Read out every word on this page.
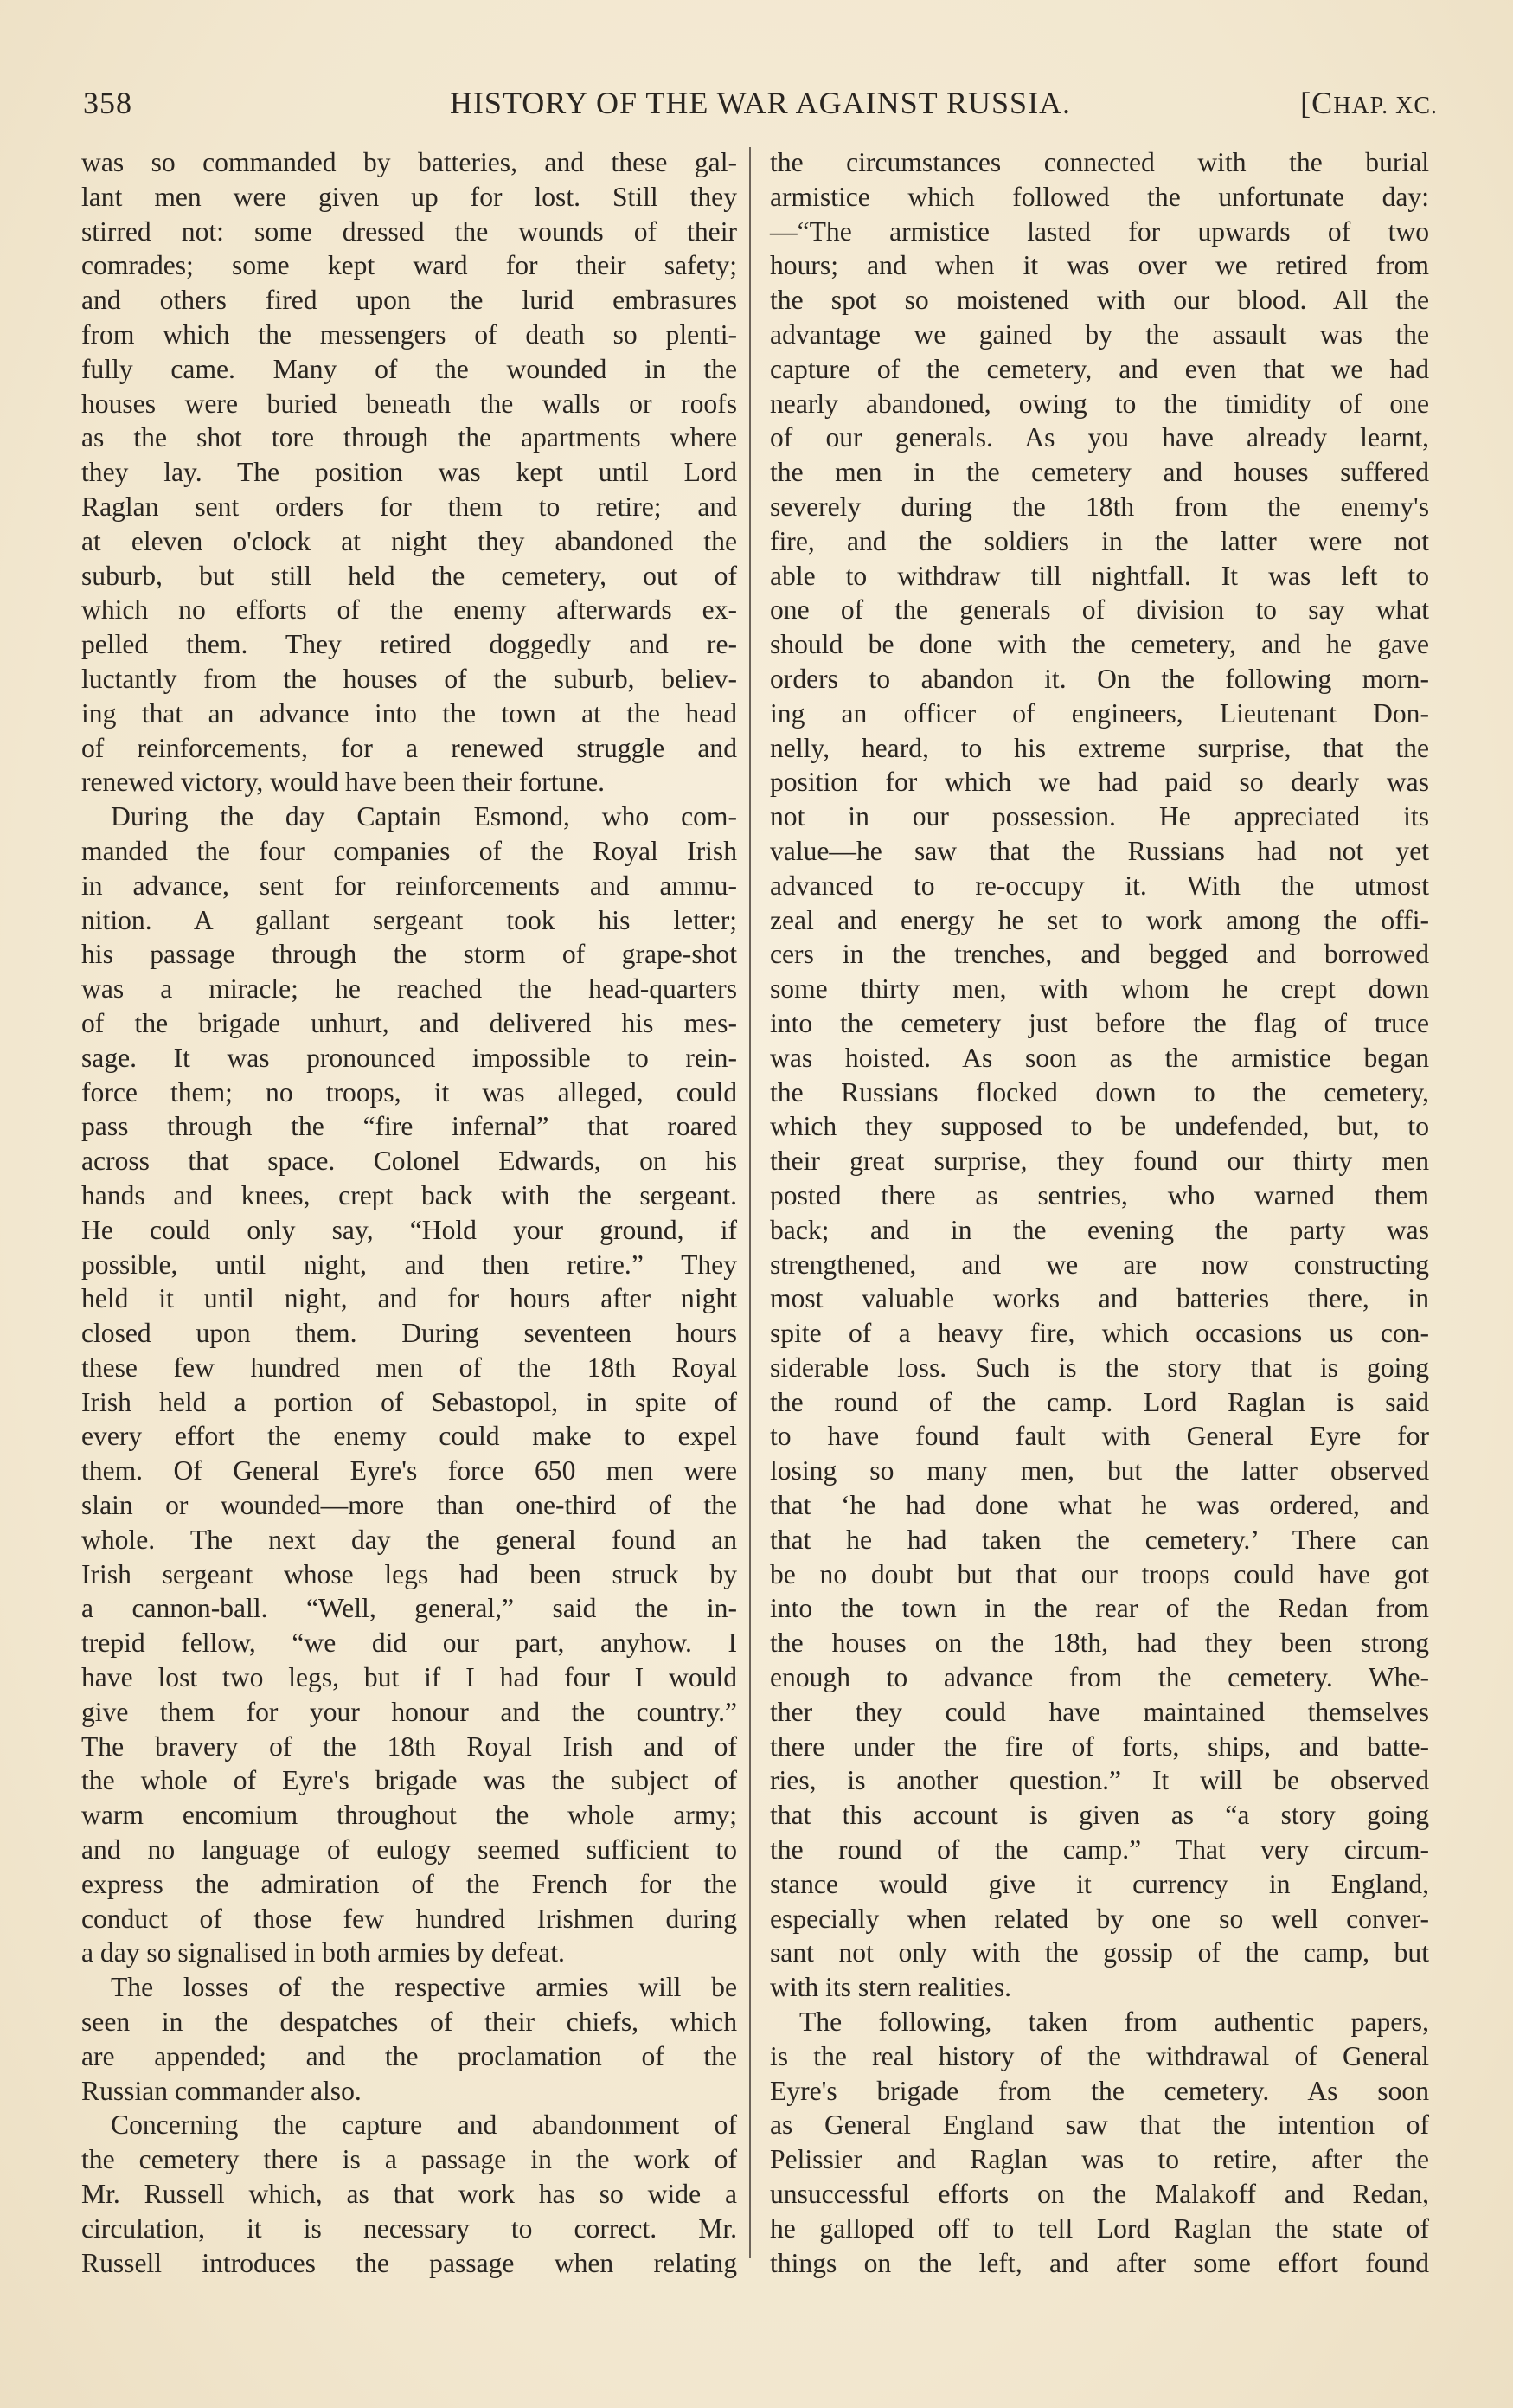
358	HISTORY OF THE WAR AGAINST RUSSIA.	[CHAP. XC.
was so commanded by batteries, and these gal-
lant men were given up for lost. Still they
stirred not: some dressed the wounds of their
comrades; some kept ward for their safety;
and others fired upon the lurid embrasures
from which the messengers of death so plenti-
fully came. Many of the wounded in the
houses were buried beneath the walls or roofs
as the shot tore through the apartments where
they lay. The position was kept until Lord
Raglan sent orders for them to retire; and
at eleven o'clock at night they abandoned the
suburb, but still held the cemetery, out of
which no efforts of the enemy afterwards ex-
pelled them. They retired doggedly and re-
luctantly from the houses of the suburb, believ-
ing that an advance into the town at the head
of reinforcements, for a renewed struggle and
renewed victory, would have been their fortune.
During the day Captain Esmond, who com-
manded the four companies of the Royal Irish
in advance, sent for reinforcements and ammu-
nition. A gallant sergeant took his letter;
his passage through the storm of grape-shot
was a miracle; he reached the head-quarters
of the brigade unhurt, and delivered his mes-
sage. It was pronounced impossible to rein-
force them; no troops, it was alleged, could
pass through the “fire infernal” that roared
across that space. Colonel Edwards, on his
hands and knees, crept back with the sergeant.
He could only say, “Hold your ground, if
possible, until night, and then retire.” They
held it until night, and for hours after night
closed upon them. During seventeen hours
these few hundred men of the 18th Royal
Irish held a portion of Sebastopol, in spite of
every effort the enemy could make to expel
them. Of General Eyre's force 650 men were
slain or wounded—more than one-third of the
whole. The next day the general found an
Irish sergeant whose legs had been struck by
a cannon-ball. “Well, general,” said the in-
trepid fellow, “we did our part, anyhow. I
have lost two legs, but if I had four I would
give them for your honour and the country.”
The bravery of the 18th Royal Irish and of
the whole of Eyre's brigade was the subject of
warm encomium throughout the whole army;
and no language of eulogy seemed sufficient to
express the admiration of the French for the
conduct of those few hundred Irishmen during
a day so signalised in both armies by defeat.
The losses of the respective armies will be
seen in the despatches of their chiefs, which
are appended; and the proclamation of the
Russian commander also.
Concerning the capture and abandonment of
the cemetery there is a passage in the work of
Mr. Russell which, as that work has so wide a
circulation, it is necessary to correct. Mr.
Russell introduces the passage when relating
the circumstances connected with the burial
armistice which followed the unfortunate day:
—“The armistice lasted for upwards of two
hours; and when it was over we retired from
the spot so moistened with our blood. All the
advantage we gained by the assault was the
capture of the cemetery, and even that we had
nearly abandoned, owing to the timidity of one
of our generals. As you have already learnt,
the men in the cemetery and houses suffered
severely during the 18th from the enemy's
fire, and the soldiers in the latter were not
able to withdraw till nightfall. It was left to
one of the generals of division to say what
should be done with the cemetery, and he gave
orders to abandon it. On the following morn-
ing an officer of engineers, Lieutenant Don-
nelly, heard, to his extreme surprise, that the
position for which we had paid so dearly was
not in our possession. He appreciated its
value—he saw that the Russians had not yet
advanced to re-occupy it. With the utmost
zeal and energy he set to work among the offi-
cers in the trenches, and begged and borrowed
some thirty men, with whom he crept down
into the cemetery just before the flag of truce
was hoisted. As soon as the armistice began
the Russians flocked down to the cemetery,
which they supposed to be undefended, but, to
their great surprise, they found our thirty men
posted there as sentries, who warned them
back; and in the evening the party was
strengthened, and we are now constructing
most valuable works and batteries there, in
spite of a heavy fire, which occasions us con-
siderable loss. Such is the story that is going
the round of the camp. Lord Raglan is said
to have found fault with General Eyre for
losing so many men, but the latter observed
that ‘he had done what he was ordered, and
that he had taken the cemetery.’ There can
be no doubt but that our troops could have got
into the town in the rear of the Redan from
the houses on the 18th, had they been strong
enough to advance from the cemetery. Whe-
ther they could have maintained themselves
there under the fire of forts, ships, and batte-
ries, is another question.” It will be observed
that this account is given as “a story going
the round of the camp.” That very circum-
stance would give it currency in England,
especially when related by one so well conver-
sant not only with the gossip of the camp, but
with its stern realities.
The following, taken from authentic papers,
is the real history of the withdrawal of General
Eyre's brigade from the cemetery. As soon
as General England saw that the intention of
Pelissier and Raglan was to retire, after the
unsuccessful efforts on the Malakoff and Redan,
he galloped off to tell Lord Raglan the state of
things on the left, and after some effort found
